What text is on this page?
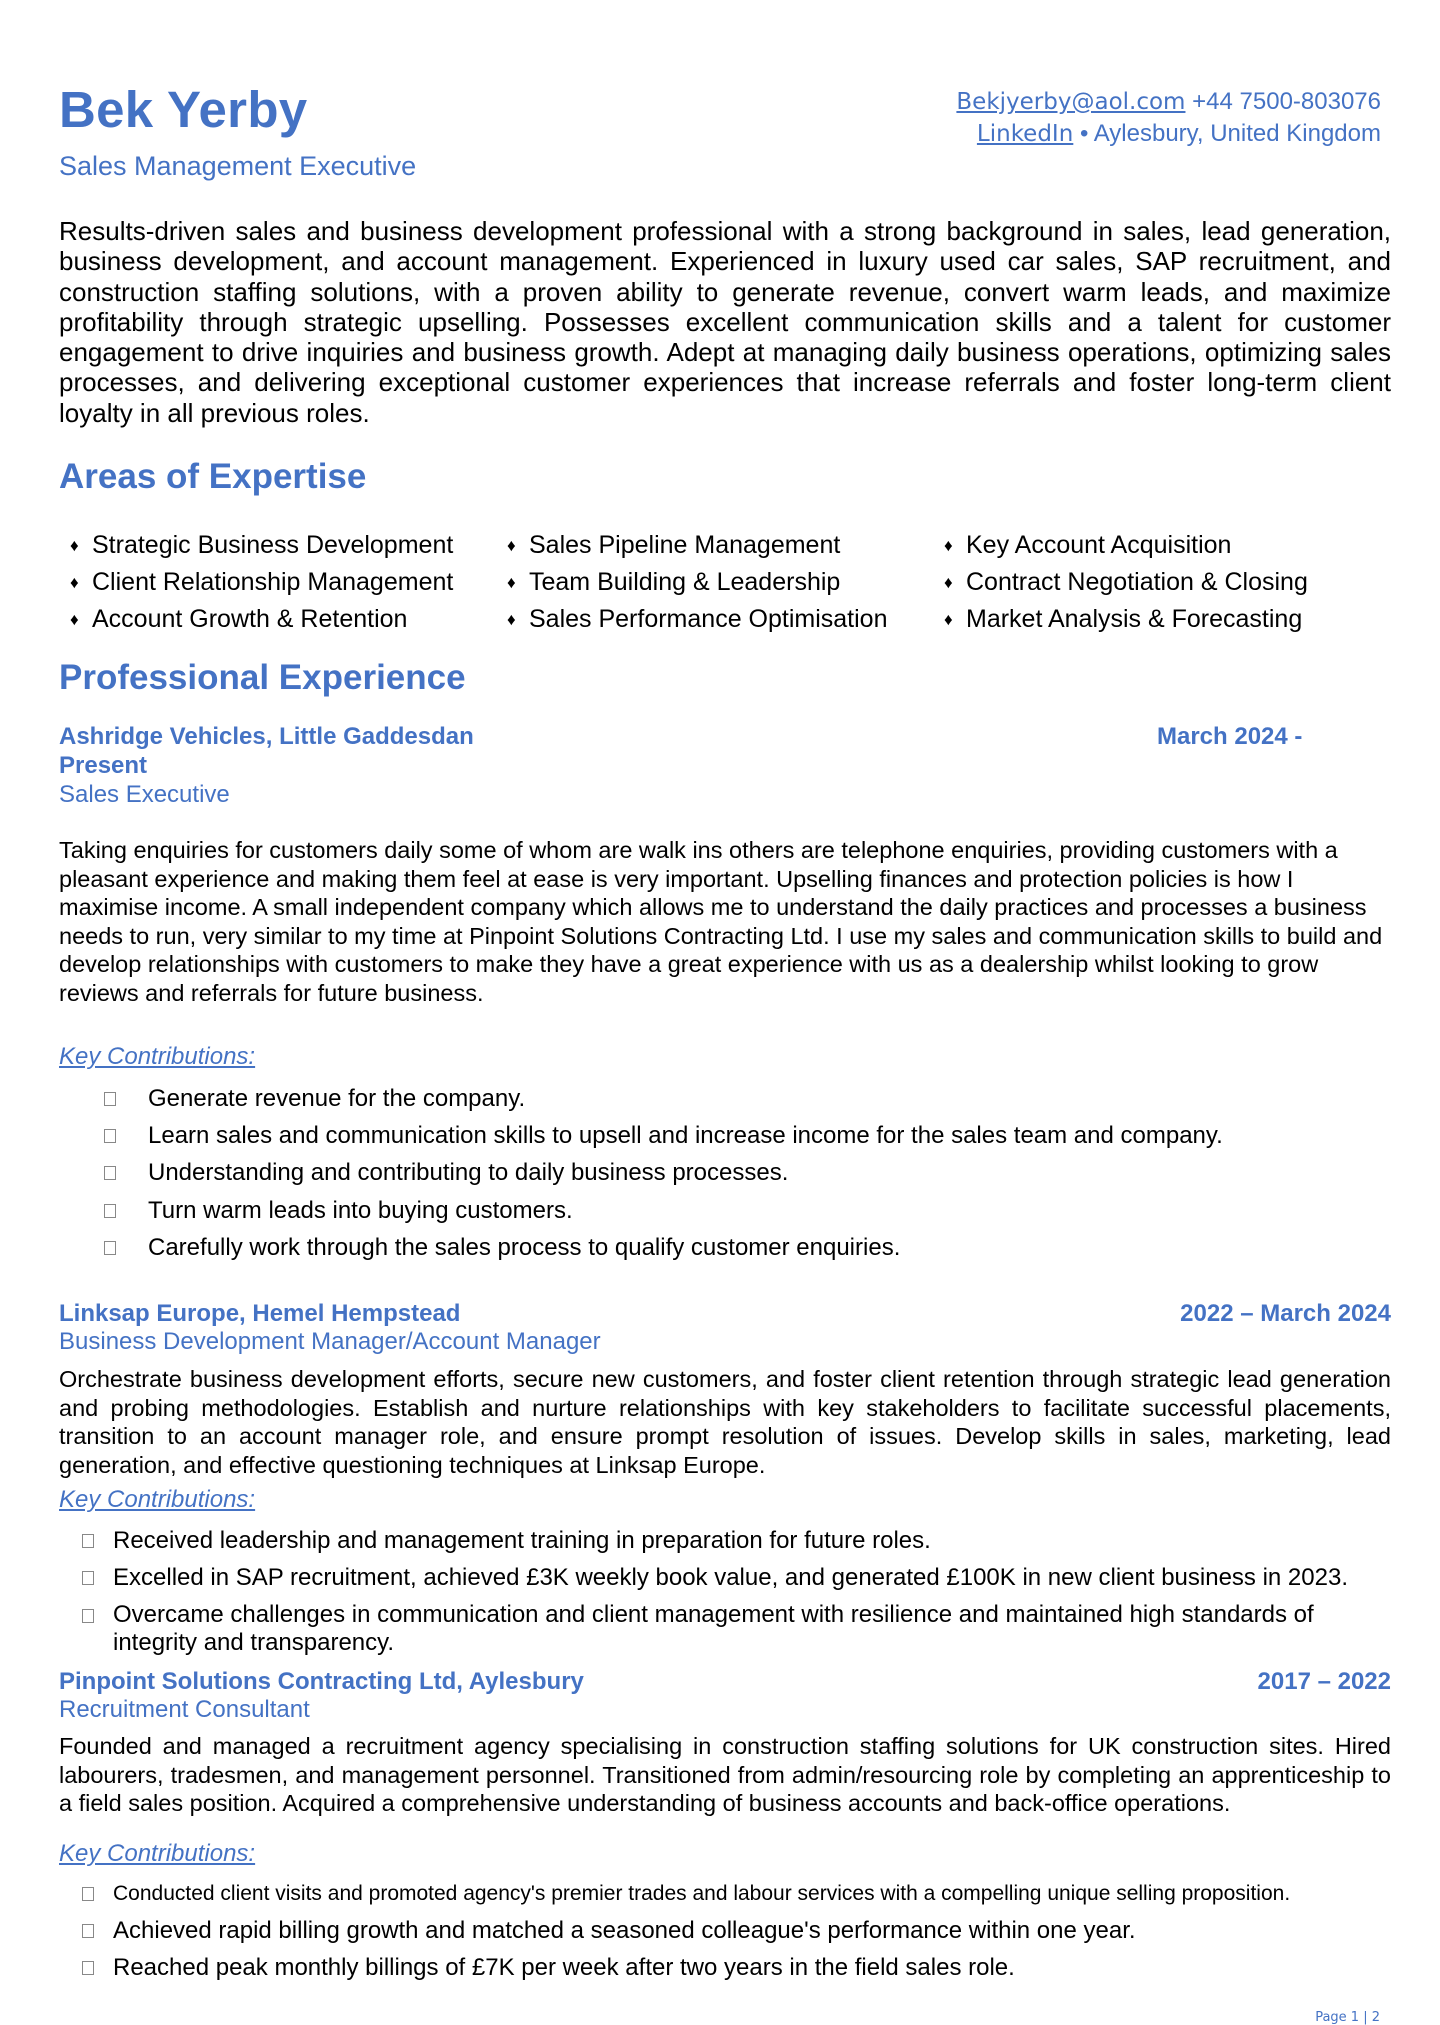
Bek Yerby
Sales Management Executive
Bekjyerby@aol.com +44 7500-803076
LinkedIn • Aylesbury, United Kingdom
Results-driven sales and business development professional with a strong background in sales, lead generation, business development, and account management. Experienced in luxury used car sales, SAP recruitment, and construction staffing solutions, with a proven ability to generate revenue, convert warm leads, and maximize profitability through strategic upselling. Possesses excellent communication skills and a talent for customer engagement to drive inquiries and business growth. Adept at managing daily business operations, optimizing sales processes, and delivering exceptional customer experiences that increase referrals and foster long-term client loyalty in all previous roles.
Areas of Expertise
♦ Strategic Business Development
♦ Client Relationship Management
♦ Account Growth & Retention
♦ Sales Pipeline Management
♦ Team Building & Leadership
♦ Sales Performance Optimisation
♦ Key Account Acquisition
♦ Contract Negotiation & Closing
♦ Market Analysis & Forecasting
Professional Experience
Ashridge Vehicles, Little Gaddesdan	March 2024 -
Present
Sales Executive
Taking enquiries for customers daily some of whom are walk ins others are telephone enquiries, providing customers with a pleasant experience and making them feel at ease is very important. Upselling finances and protection policies is how I maximise income. A small independent company which allows me to understand the daily practices and processes a business needs to run, very similar to my time at Pinpoint Solutions Contracting Ltd. I use my sales and communication skills to build and develop relationships with customers to make they have a great experience with us as a dealership whilst looking to grow reviews and referrals for future business.
Key Contributions:
Generate revenue for the company.
Learn sales and communication skills to upsell and increase income for the sales team and company.
Understanding and contributing to daily business processes.
Turn warm leads into buying customers.
Carefully work through the sales process to qualify customer enquiries.
Linksap Europe, Hemel Hempstead	2022 – March 2024
Business Development Manager/Account Manager
Orchestrate business development efforts, secure new customers, and foster client retention through strategic lead generation and probing methodologies. Establish and nurture relationships with key stakeholders to facilitate successful placements, transition to an account manager role, and ensure prompt resolution of issues. Develop skills in sales, marketing, lead generation, and effective questioning techniques at Linksap Europe.
Key Contributions:
Received leadership and management training in preparation for future roles.
Excelled in SAP recruitment, achieved £3K weekly book value, and generated £100K in new client business in 2023.
Overcame challenges in communication and client management with resilience and maintained high standards of
integrity and transparency.
Pinpoint Solutions Contracting Ltd, Aylesbury	2017 – 2022
Recruitment Consultant
Founded and managed a recruitment agency specialising in construction staffing solutions for UK construction sites. Hired labourers, tradesmen, and management personnel. Transitioned from admin/resourcing role by completing an apprenticeship to a field sales position. Acquired a comprehensive understanding of business accounts and back-office operations.
Key Contributions:
Conducted client visits and promoted agency's premier trades and labour services with a compelling unique selling proposition.
Achieved rapid billing growth and matched a seasoned colleague's performance within one year.
Reached peak monthly billings of £7K per week after two years in the field sales role.
Page 1 | 2
